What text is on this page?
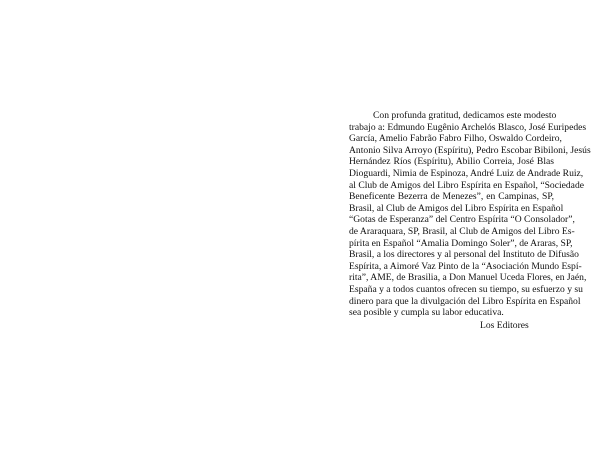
Con profunda gratitud, dedicamos este modesto
trabajo a: Edmundo Eugênio Archelós Blasco, José Euripedes
García, Amelio Fabrão Fabro Filho, Oswaldo Cordeiro,
Antonio Silva Arroyo (Espíritu), Pedro Escobar Bibiloni, Jesús
Hernández Ríos (Espíritu), Abilio Correia, José Blas
Dioguardi, Nimia de Espinoza, André Luiz de Andrade Ruiz,
al Club de Amigos del Libro Espírita en Español, “Sociedade
Beneficente Bezerra de Menezes”, en Campinas, SP,
Brasil, al Club de Amigos del Libro Espírita en Español
“Gotas de Esperanza” del Centro Espírita “O Consolador”,
de Araraquara, SP, Brasil, al Club de Amigos del Libro Es-
pírita en Español “Amalia Domingo Soler”, de Araras, SP,
Brasil, a los directores y al personal del Instituto de Difusão
Espírita, a Aimoré Vaz Pinto de la “Asociación Mundo Espí-
rita”, AME, de Brasilia, a Don Manuel Uceda Flores, en Jaén,
España y a todos cuantos ofrecen su tiempo, su esfuerzo y su
dinero para que la divulgación del Libro Espírita en Español
sea posible y cumpla su labor educativa.
Los Editores
